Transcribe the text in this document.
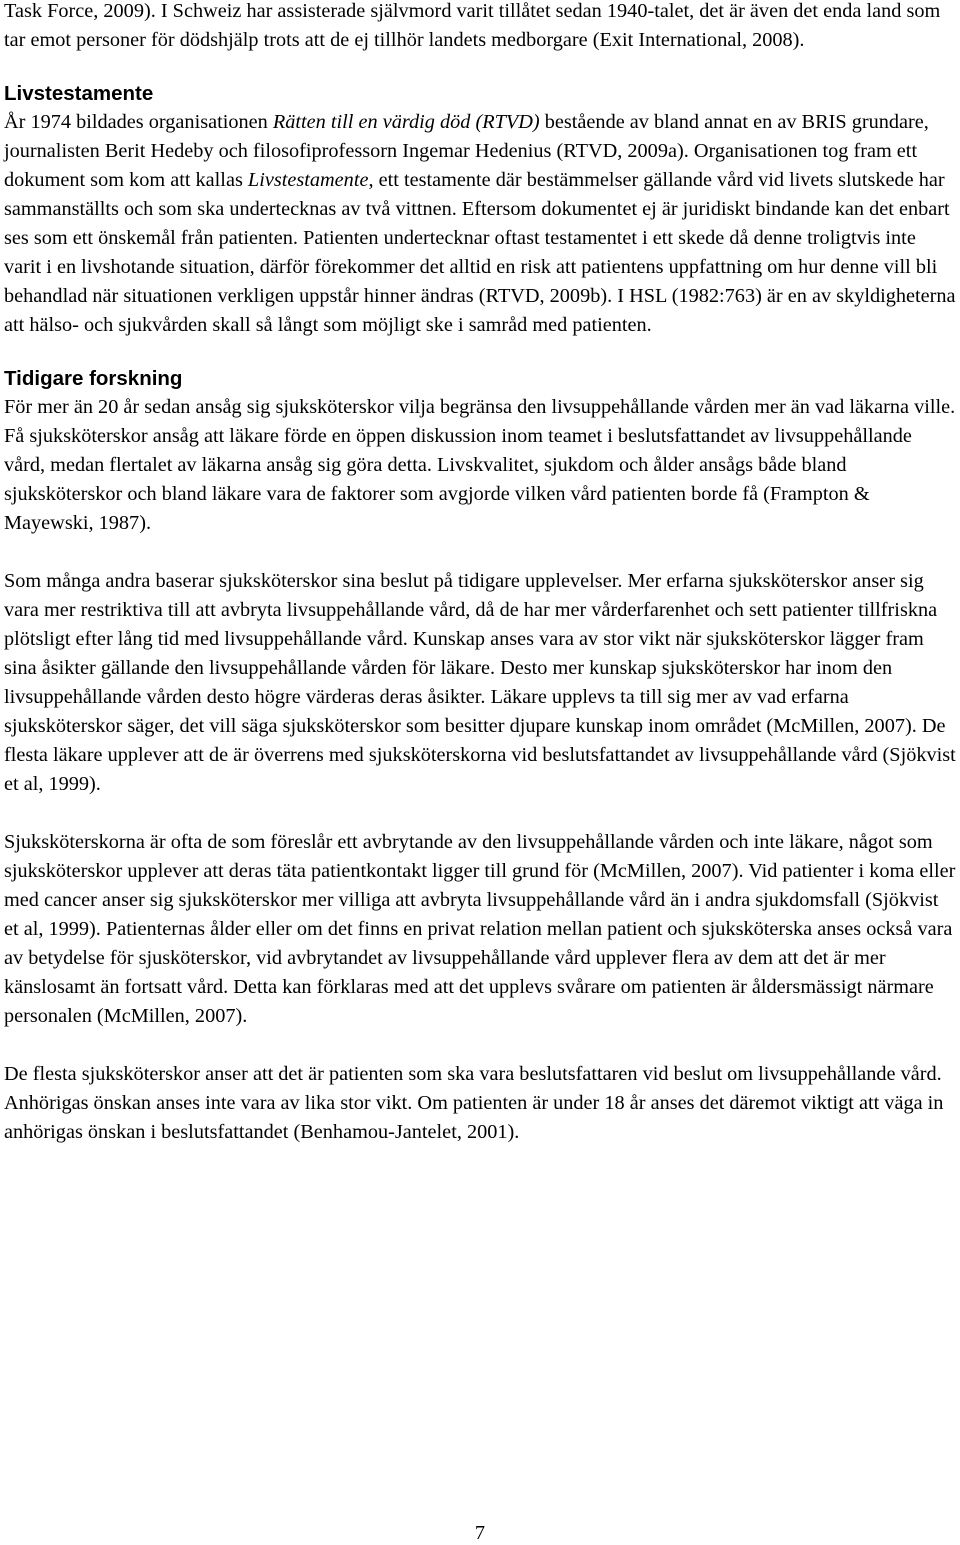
Task Force, 2009). I Schweiz har assisterade självmord varit tillåtet sedan 1940-talet, det är även det enda land som tar emot personer för dödshjälp trots att de ej tillhör landets medborgare (Exit International, 2008).

Livstestamente

År 1974 bildades organisationen Rätten till en värdig död (RTVD) bestående av bland annat en av BRIS grundare, journalisten Berit Hedeby och filosofiprofessorn Ingemar Hedenius (RTVD, 2009a). Organisationen tog fram ett dokument som kom att kallas Livstestamente, ett testamente där bestämmelser gällande vård vid livets slutskede har sammanställts och som ska undertecknas av två vittnen. Eftersom dokumentet ej är juridiskt bindande kan det enbart ses som ett önskemål från patienten. Patienten undertecknar oftast testamentet i ett skede då denne troligtvis inte varit i en livshotande situation, därför förekommer det alltid en risk att patientens uppfattning om hur denne vill bli behandlad när situationen verkligen uppstår hinner ändras (RTVD, 2009b). I HSL (1982:763) är en av skyldigheterna att hälso- och sjukvården skall så långt som möjligt ske i samråd med patienten.

Tidigare forskning

För mer än 20 år sedan ansåg sig sjuksköterskor vilja begränsa den livsuppehållande vården mer än vad läkarna ville. Få sjuksköterskor ansåg att läkare förde en öppen diskussion inom teamet i beslutsfattandet av livsuppehållande vård, medan flertalet av läkarna ansåg sig göra detta. Livskvalitet, sjukdom och ålder ansågs både bland sjuksköterskor och bland läkare vara de faktorer som avgjorde vilken vård patienten borde få (Frampton & Mayewski, 1987).

Som många andra baserar sjuksköterskor sina beslut på tidigare upplevelser. Mer erfarna sjuksköterskor anser sig vara mer restriktiva till att avbryta livsuppehållande vård, då de har mer vårderfarenhet och sett patienter tillfriskna plötsligt efter lång tid med livsuppehållande vård. Kunskap anses vara av stor vikt när sjuksköterskor lägger fram sina åsikter gällande den livsuppehållande vården för läkare. Desto mer kunskap sjuksköterskor har inom den livsuppehållande vården desto högre värderas deras åsikter. Läkare upplevs ta till sig mer av vad erfarna sjuksköterskor säger, det vill säga sjuksköterskor som besitter djupare kunskap inom området (McMillen, 2007). De flesta läkare upplever att de är överrens med sjuksköterskorna vid beslutsfattandet av livsuppehållande vård (Sjökvist et al, 1999).

Sjuksköterskorna är ofta de som föreslår ett avbrytande av den livsuppehållande vården och inte läkare, något som sjuksköterskor upplever att deras täta patientkontakt ligger till grund för (McMillen, 2007). Vid patienter i koma eller med cancer anser sig sjuksköterskor mer villiga att avbryta livsuppehållande vård än i andra sjukdomsfall (Sjökvist et al, 1999). Patienternas ålder eller om det finns en privat relation mellan patient och sjuksköterska anses också vara av betydelse för sjusköterskor, vid avbrytandet av livsuppehållande vård upplever flera av dem att det är mer känslosamt än fortsatt vård. Detta kan förklaras med att det upplevs svårare om patienten är åldersmässigt närmare personalen (McMillen, 2007).

De flesta sjuksköterskor anser att det är patienten som ska vara beslutsfattaren vid beslut om livsuppehållande vård. Anhörigas önskan anses inte vara av lika stor vikt. Om patienten är under 18 år anses det däremot viktigt att väga in anhörigas önskan i beslutsfattandet (Benhamou-Jantelet, 2001).

7
